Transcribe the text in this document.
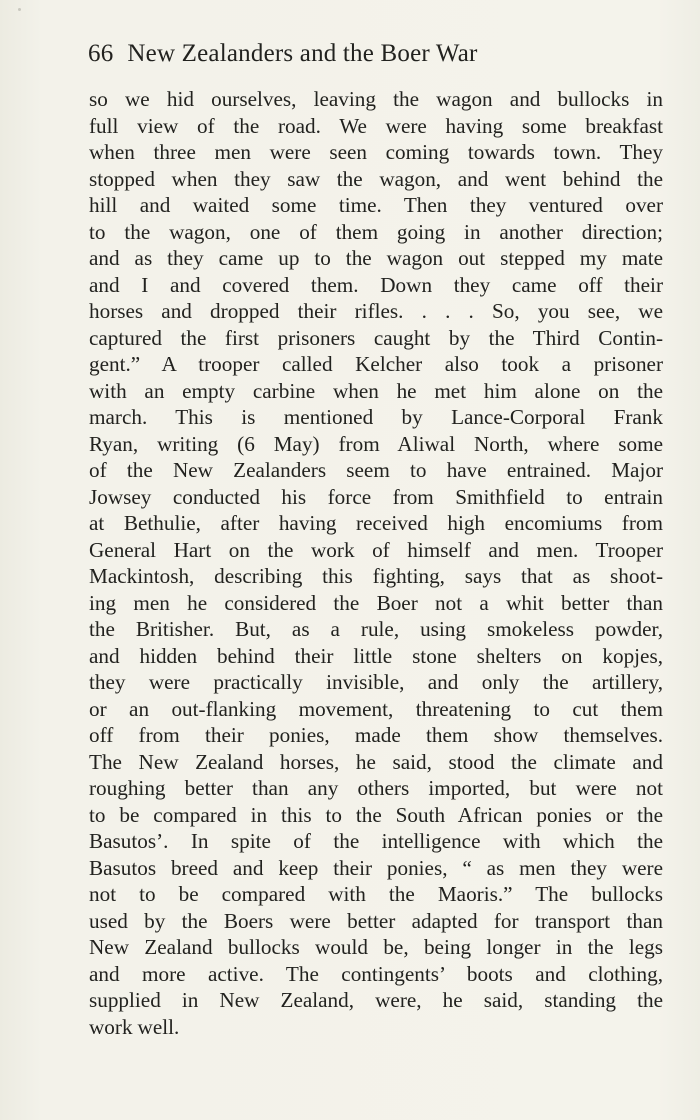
66 New Zealanders and the Boer War
so we hid ourselves, leaving the wagon and bullocks in
full view of the road. We were having some breakfast
when three men were seen coming towards town. They
stopped when they saw the wagon, and went behind the
hill and waited some time. Then they ventured over
to the wagon, one of them going in another direction;
and as they came up to the wagon out stepped my mate
and I and covered them. Down they came off their
horses and dropped their rifles. . . . So, you see, we
captured the first prisoners caught by the Third Contin-
gent.” A trooper called Kelcher also took a prisoner
with an empty carbine when he met him alone on the
march. This is mentioned by Lance-Corporal Frank
Ryan, writing (6 May) from Aliwal North, where some
of the New Zealanders seem to have entrained. Major
Jowsey conducted his force from Smithfield to entrain
at Bethulie, after having received high encomiums from
General Hart on the work of himself and men. Trooper
Mackintosh, describing this fighting, says that as shoot-
ing men he considered the Boer not a whit better than
the Britisher. But, as a rule, using smokeless powder,
and hidden behind their little stone shelters on kopjes,
they were practically invisible, and only the artillery,
or an out-flanking movement, threatening to cut them
off from their ponies, made them show themselves.
The New Zealand horses, he said, stood the climate and
roughing better than any others imported, but were not
to be compared in this to the South African ponies or the
Basutos’. In spite of the intelligence with which the
Basutos breed and keep their ponies, “ as men they were
not to be compared with the Maoris.” The bullocks
used by the Boers were better adapted for transport than
New Zealand bullocks would be, being longer in the legs
and more active. The contingents’ boots and clothing,
supplied in New Zealand, were, he said, standing the
work well.
